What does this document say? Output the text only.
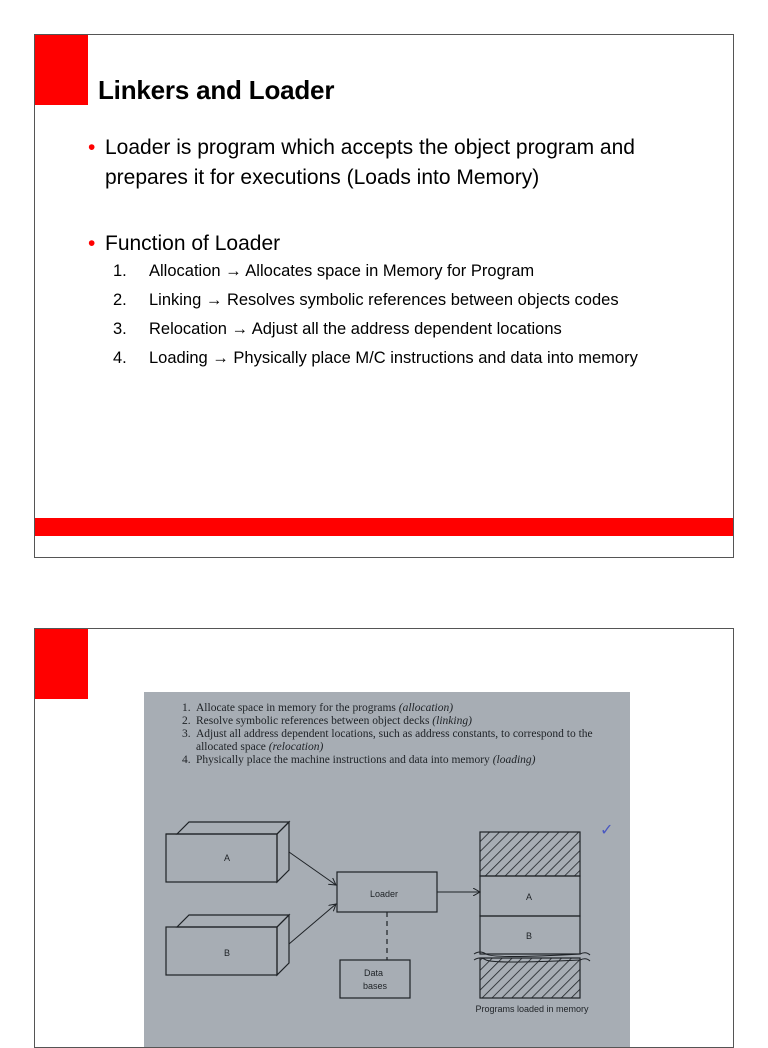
Linkers and Loader
• Loader is program which accepts the object program and prepares it for executions (Loads into Memory)
• Function of Loader
1. Allocation → Allocates space in Memory for Program
2. Linking → Resolves symbolic references between objects codes
3. Relocation → Adjust all the address dependent locations
4. Loading → Physically place M/C instructions and data into memory
1. Allocate space in memory for the programs (allocation)
2. Resolve symbolic references between object decks (linking)
3. Adjust all address dependent locations, such as address constants, to correspond to the allocated space (relocation)
4. Physically place the machine instructions and data into memory (loading)
A
B
Loader
Data
bases
A
B
✓
Programs loaded in memory
